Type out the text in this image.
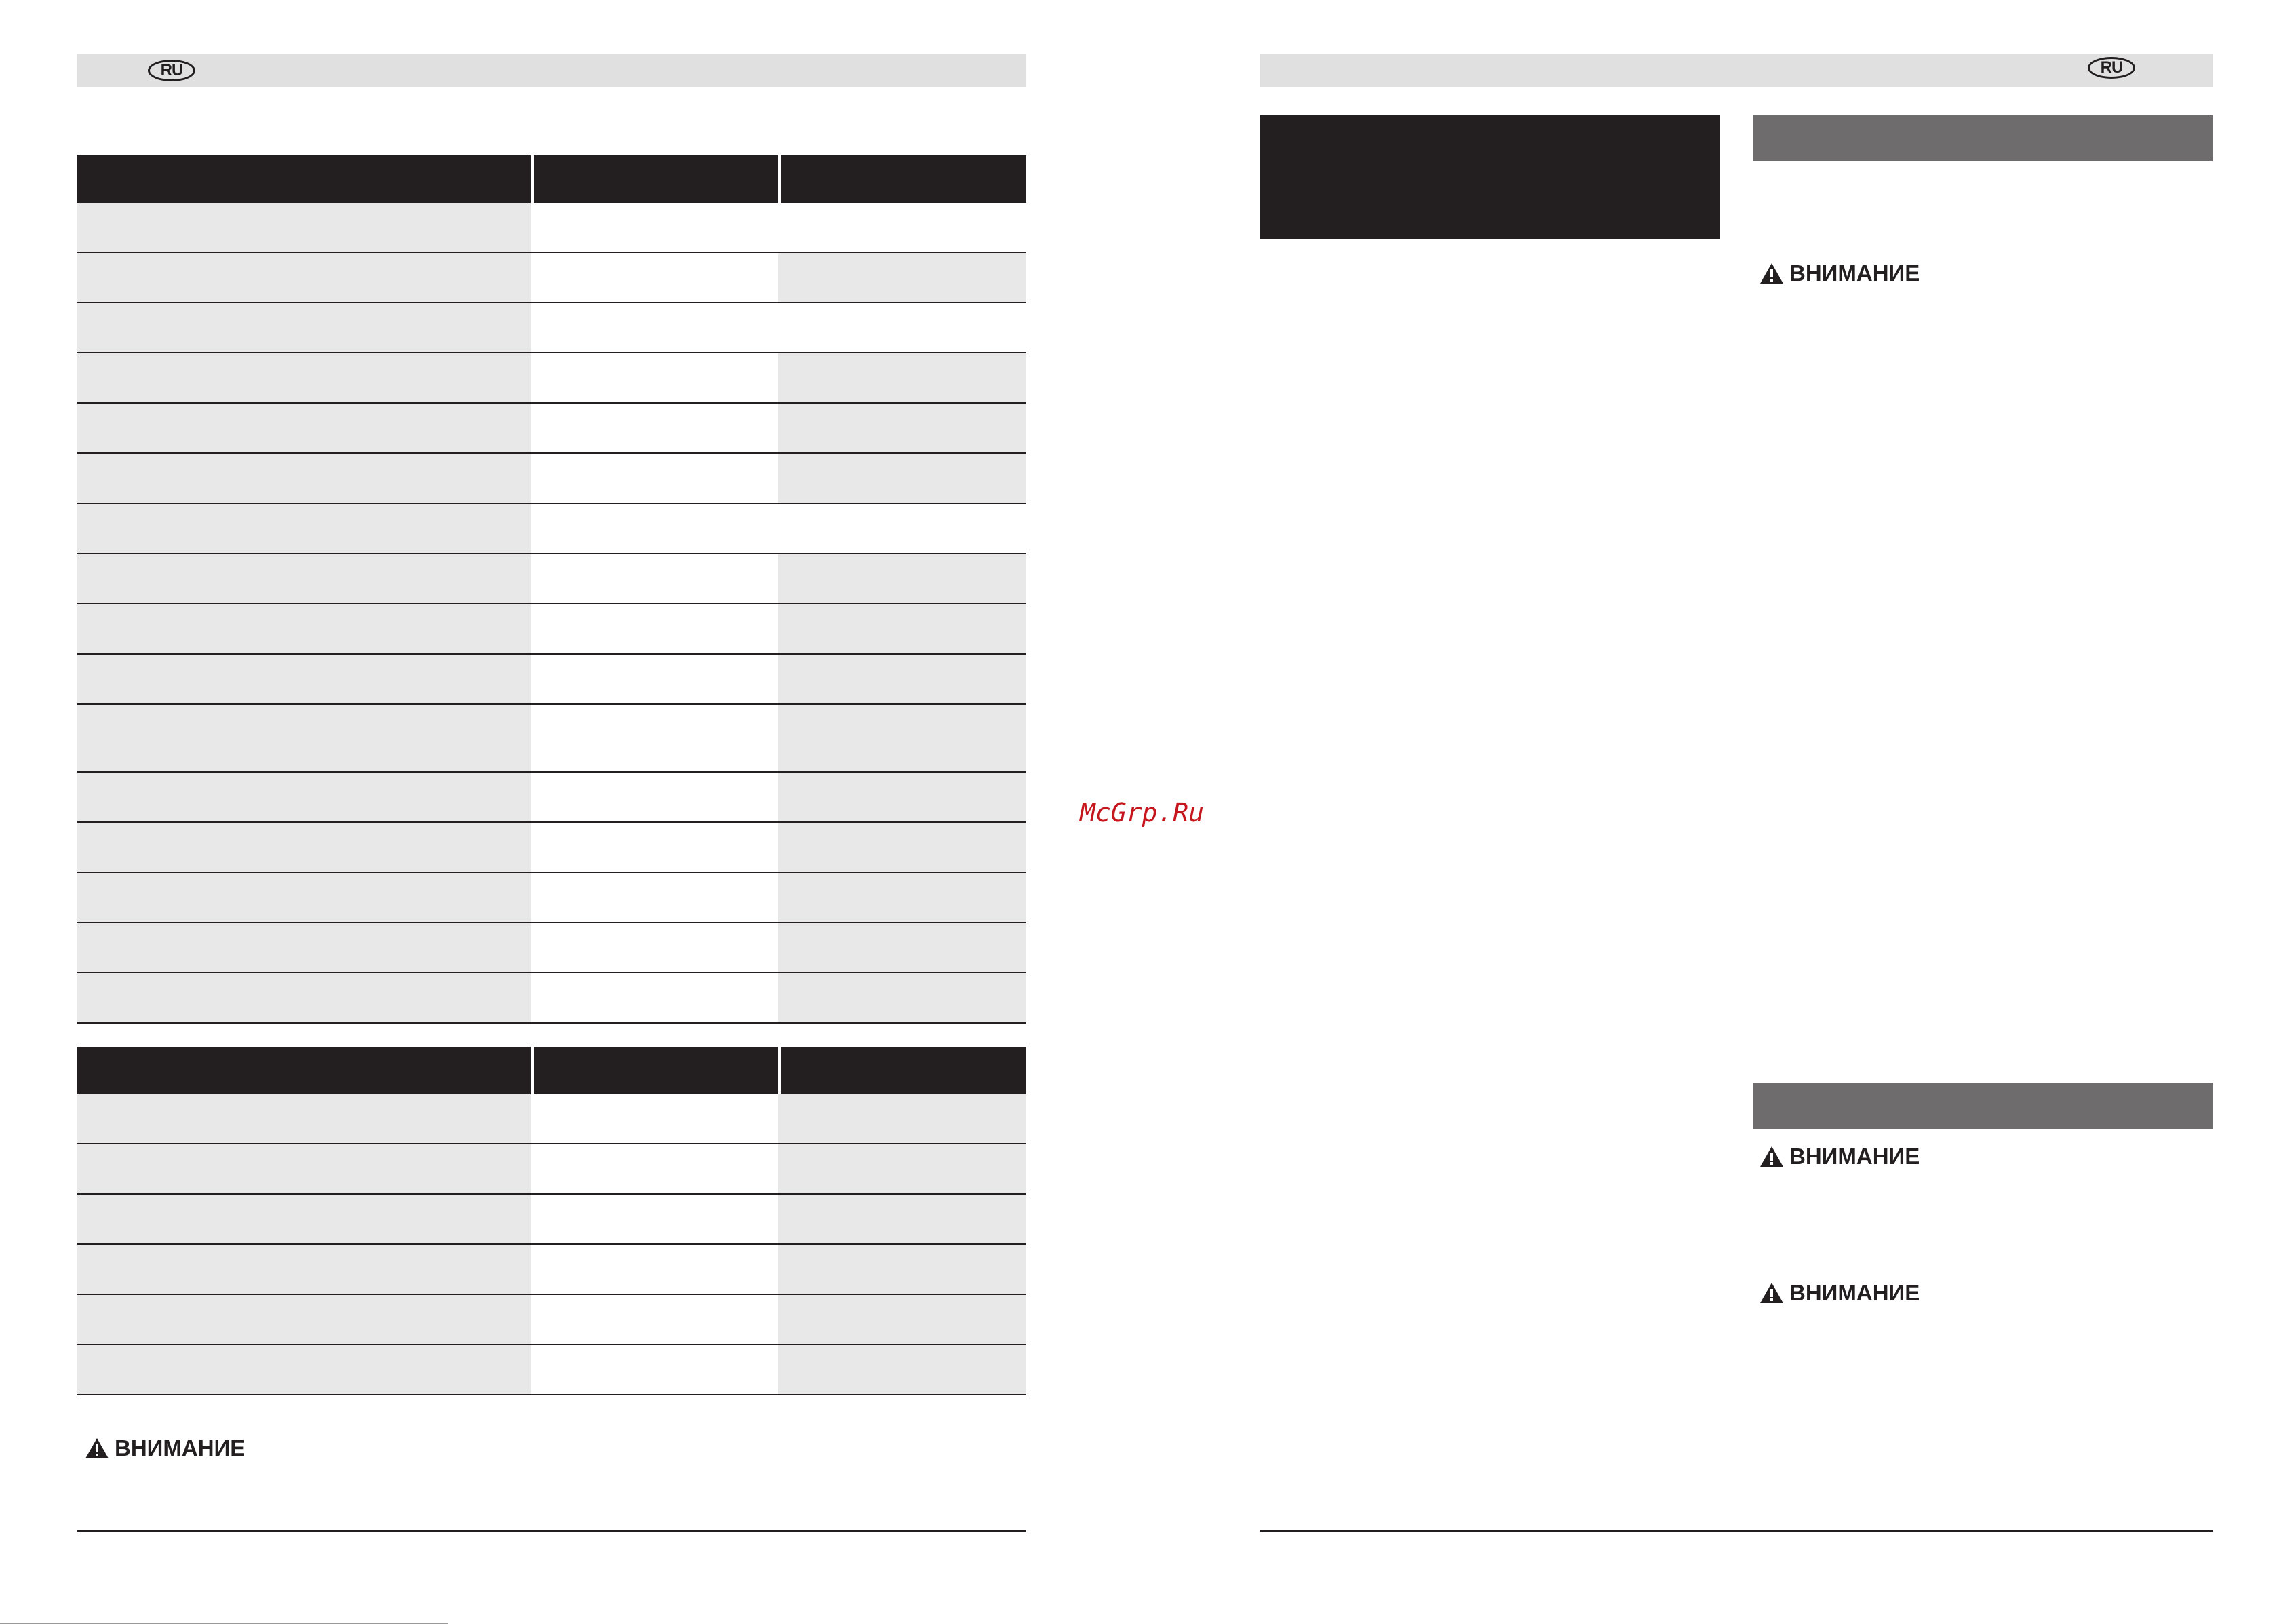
RU
ВНИМАНИЕ
McGrp.Ru
RU
ВНИМАНИЕ
ВНИМАНИЕ
ВНИМАНИЕ
